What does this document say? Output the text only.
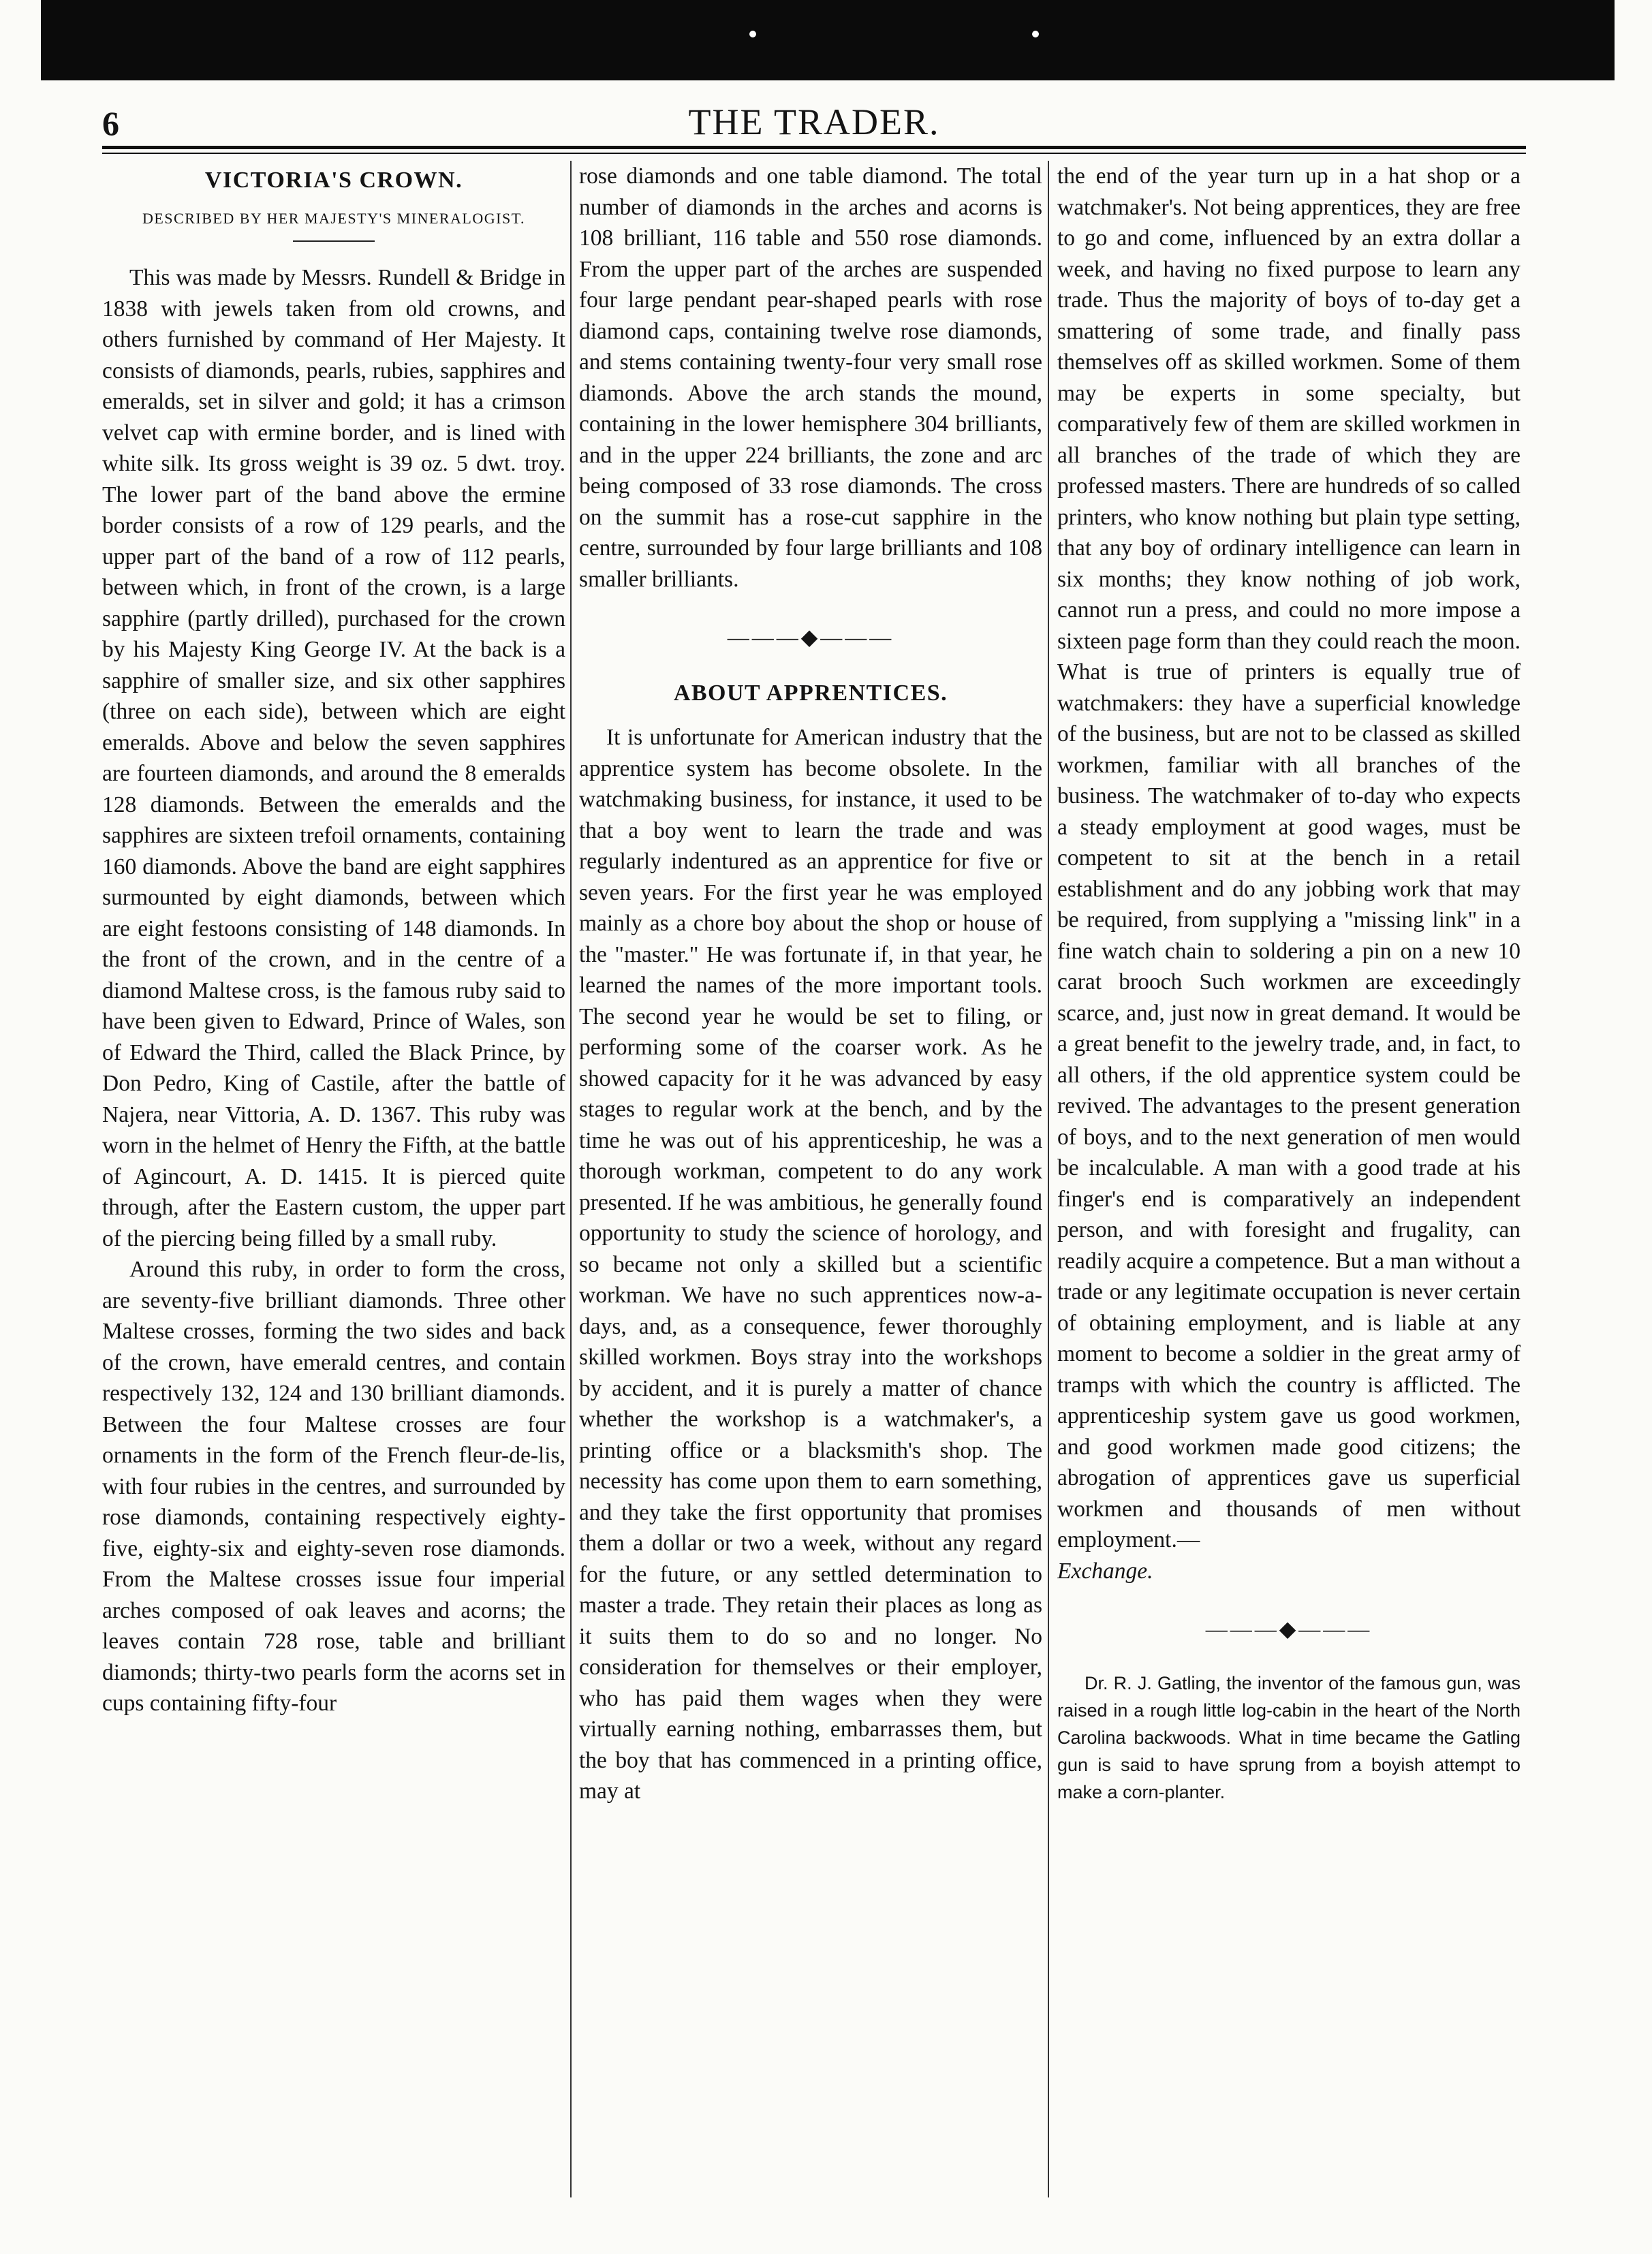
6	THE TRADER.
VICTORIA'S CROWN.
DESCRIBED BY HER MAJESTY'S MINERALOGIST.

This was made by Messrs. Rundell & Bridge in 1838 with jewels taken from old crowns, and others furnished by command of Her Majesty. It consists of diamonds, pearls, rubies, sapphires and emeralds, set in silver and gold; it has a crimson velvet cap with ermine border, and is lined with white silk. Its gross weight is 39 oz. 5 dwt. troy. The lower part of the band above the ermine border consists of a row of 129 pearls, and the upper part of the band of a row of 112 pearls, between which, in front of the crown, is a large sapphire (partly drilled), purchased for the crown by his Majesty King George IV. At the back is a sapphire of smaller size, and six other sapphires (three on each side), between which are eight emeralds. Above and below the seven sapphires are fourteen diamonds, and around the 8 emeralds 128 diamonds. Between the emeralds and the sapphires are sixteen trefoil ornaments, containing 160 diamonds. Above the band are eight sapphires surmounted by eight diamonds, between which are eight festoons consisting of 148 diamonds. In the front of the crown, and in the centre of a diamond Maltese cross, is the famous ruby said to have been given to Edward, Prince of Wales, son of Edward the Third, called the Black Prince, by Don Pedro, King of Castile, after the battle of Najera, near Vittoria, A. D. 1367. This ruby was worn in the helmet of Henry the Fifth, at the battle of Agincourt, A. D. 1415. It is pierced quite through, after the Eastern custom, the upper part of the piercing being filled by a small ruby.

Around this ruby, in order to form the cross, are seventy-five brilliant diamonds. Three other Maltese crosses, forming the two sides and back of the crown, have emerald centres, and contain respectively 132, 124 and 130 brilliant diamonds. Between the four Maltese crosses are four ornaments in the form of the French fleur-de-lis, with four rubies in the centres, and surrounded by rose diamonds, containing respectively eighty-five, eighty-six and eighty-seven rose diamonds. From the Maltese crosses issue four imperial arches composed of oak leaves and acorns; the leaves contain 728 rose, table and brilliant diamonds; thirty-two pearls form the acorns set in cups containing fifty-four

rose diamonds and one table diamond. The total number of diamonds in the arches and acorns is 108 brilliant, 116 table and 550 rose diamonds. From the upper part of the arches are suspended four large pendant pear-shaped pearls with rose diamond caps, containing twelve rose diamonds, and stems containing twenty-four very small rose diamonds. Above the arch stands the mound, containing in the lower hemisphere 304 brilliants, and in the upper 224 brilliants, the zone and arc being composed of 33 rose diamonds. The cross on the summit has a rose-cut sapphire in the centre, surrounded by four large brilliants and 108 smaller brilliants.

———◆———
ABOUT APPRENTICES.

It is unfortunate for American industry that the apprentice system has become obsolete. In the watchmaking business, for instance, it used to be that a boy went to learn the trade and was regularly indentured as an apprentice for five or seven years. For the first year he was employed mainly as a chore boy about the shop or house of the "master." He was fortunate if, in that year, he learned the names of the more important tools. The second year he would be set to filing, or performing some of the coarser work. As he showed capacity for it he was advanced by easy stages to regular work at the bench, and by the time he was out of his apprenticeship, he was a thorough workman, competent to do any work presented. If he was ambitious, he generally found opportunity to study the science of horology, and so became not only a skilled but a scientific workman. We have no such apprentices now-a-days, and, as a consequence, fewer thoroughly skilled workmen. Boys stray into the workshops by accident, and it is purely a matter of chance whether the workshop is a watchmaker's, a printing office or a blacksmith's shop. The necessity has come upon them to earn something, and they take the first opportunity that promises them a dollar or two a week, without any regard for the future, or any settled determination to master a trade. They retain their places as long as it suits them to do so and no longer. No consideration for themselves or their employer, who has paid them wages when they were virtually earning nothing, embarrasses them, but the boy that has commenced in a printing office, may at

the end of the year turn up in a hat shop or a watchmaker's. Not being apprentices, they are free to go and come, influenced by an extra dollar a week, and having no fixed purpose to learn any trade. Thus the majority of boys of to-day get a smattering of some trade, and finally pass themselves off as skilled workmen. Some of them may be experts in some specialty, but comparatively few of them are skilled workmen in all branches of the trade of which they are professed masters. There are hundreds of so called printers, who know nothing but plain type setting, that any boy of ordinary intelligence can learn in six months; they know nothing of job work, cannot run a press, and could no more impose a sixteen page form than they could reach the moon. What is true of printers is equally true of watchmakers: they have a superficial knowledge of the business, but are not to be classed as skilled workmen, familiar with all branches of the business. The watchmaker of to-day who expects a steady employment at good wages, must be competent to sit at the bench in a retail establishment and do any jobbing work that may be required, from supplying a "missing link" in a fine watch chain to soldering a pin on a new 10 carat brooch Such workmen are exceedingly scarce, and, just now in great demand. It would be a great benefit to the jewelry trade, and, in fact, to all others, if the old apprentice system could be revived. The advantages to the present generation of boys, and to the next generation of men would be incalculable. A man with a good trade at his finger's end is comparatively an independent person, and with foresight and frugality, can readily acquire a competence. But a man without a trade or any legitimate occupation is never certain of obtaining employment, and is liable at any moment to become a soldier in the great army of tramps with which the country is afflicted. The apprenticeship system gave us good workmen, and good workmen made good citizens; the abrogation of apprentices gave us superficial workmen and thousands of men without employment.—

Exchange.

———◆———

Dr. R. J. Gatling, the inventor of the famous gun, was raised in a rough little log-cabin in the heart of the North Carolina backwoods. What in time became the Gatling gun is said to have sprung from a boyish attempt to make a corn-planter.
